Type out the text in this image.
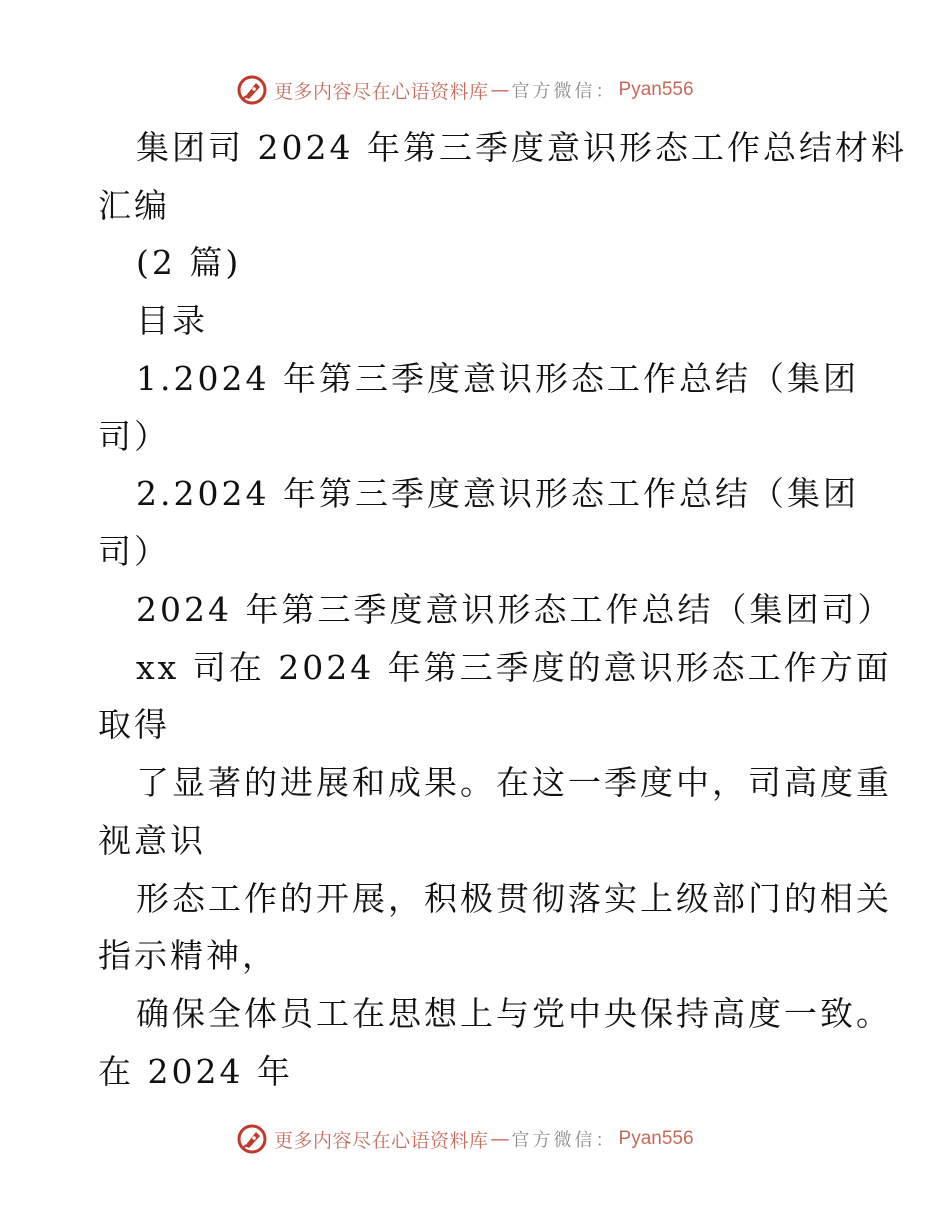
更多内容尽在心语资料库 — 官方微信： Pyan556

集团司 2024 年第三季度意识形态工作总结材料

汇编

(2 篇)

目录

1.2024 年第三季度意识形态工作总结（集团

司）

2.2024 年第三季度意识形态工作总结（集团

司）

2024 年第三季度意识形态工作总结（集团司）

xx 司在 2024 年第三季度的意识形态工作方面

取得

了显著的进展和成果。在这一季度中，司高度重

视意识

形态工作的开展，积极贯彻落实上级部门的相关

指示精神，

确保全体员工在思想上与党中央保持高度一致。

在 2024 年

更多内容尽在心语资料库 — 官方微信： Pyan556
